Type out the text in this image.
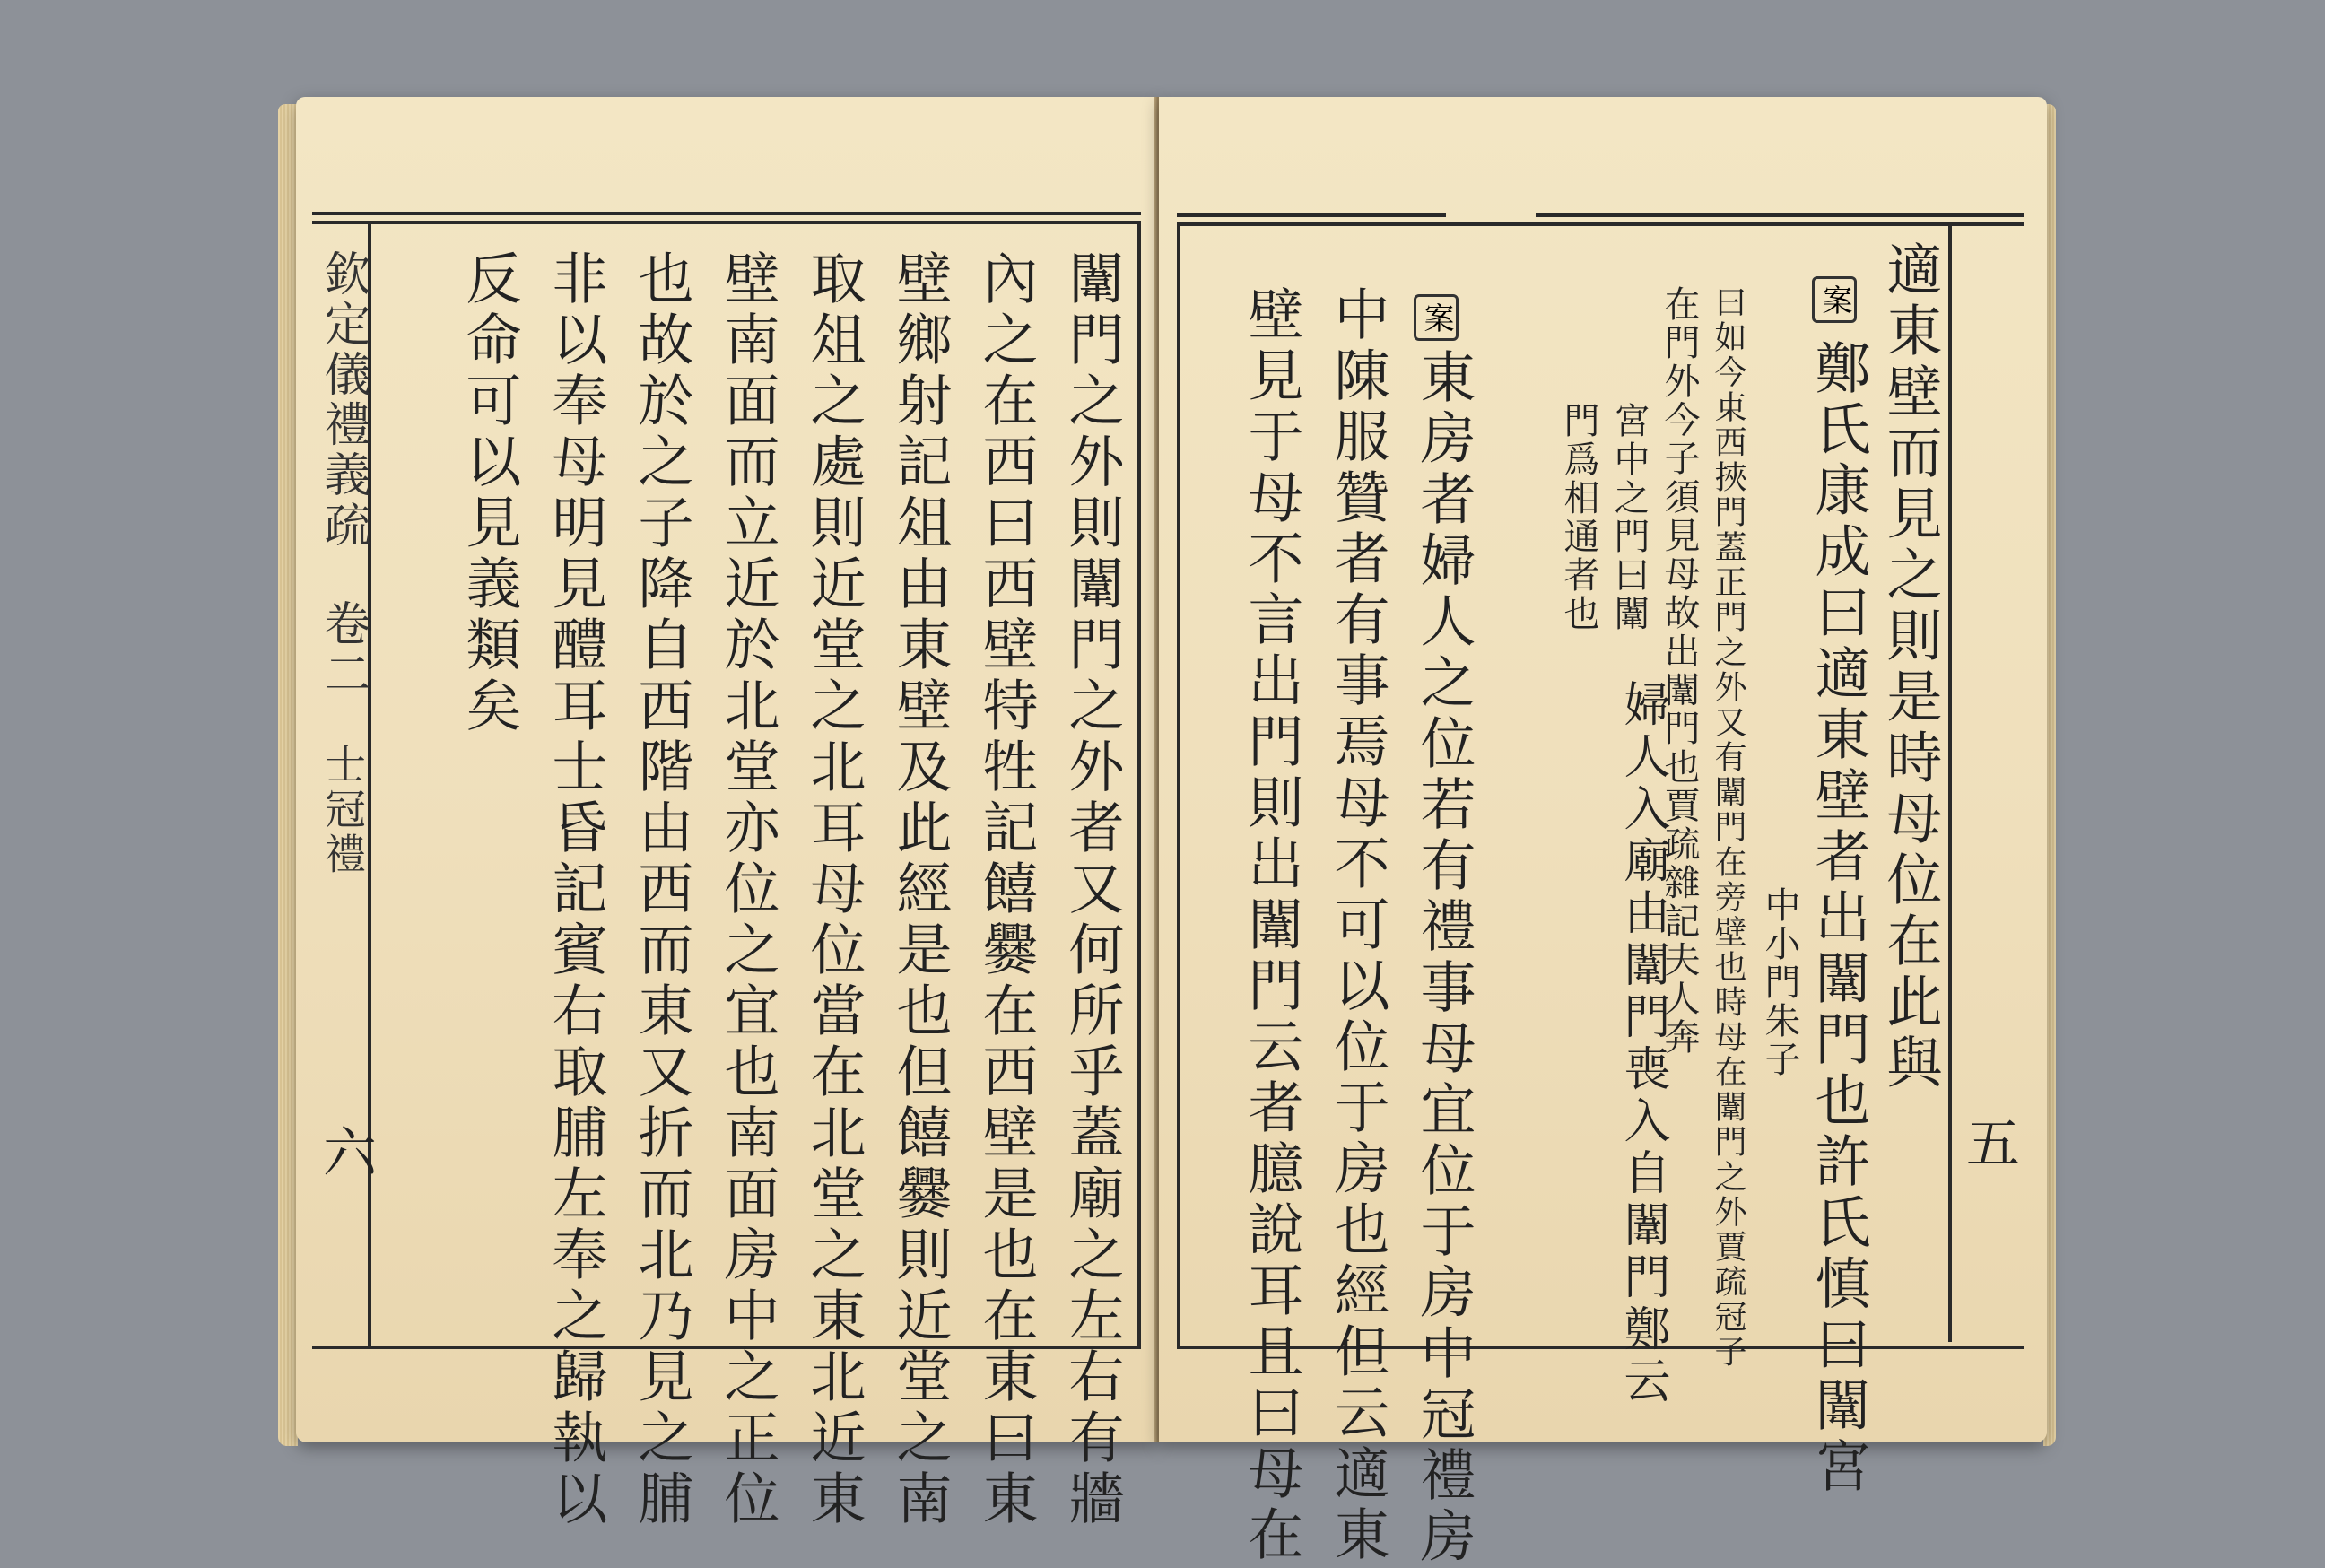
欽定儀禮義疏
卷二
士冠禮
六	闈門之外則闈門之外者又何所乎蓋廟之左右有牆
內之在西曰西壁特牲記饎爨在西壁是也在東曰東
壁鄉射記俎由東壁及此經是也但饎爨則近堂之南
取俎之處則近堂之北耳母位當在北堂之東北近東
壁南面而立近於北堂亦位之宜也南面房中之正位
也故於之子降自西階由西而東又折而北乃見之脯
非以奉母明見醴耳士昏記賓右取脯左奉之歸執以
反命可以見義類矣
五
適東壁而見之則是時母位在此與
案
鄭氏康成曰適東壁者出闈門也許氏慎曰闈宮
中小門朱子
曰如今東西挾門蓋正門之外又有闈門在旁壁也時母在闈門之外賈疏冠子
在門外今子須見母故出闈門也賈疏雜記夫人奔
宮中之門曰闈
門爲相通者也
婦人入廟由闈門喪入自闈門鄭云
案
東房者婦人之位若有禮事母宜位于房中冠禮房
中陳服贊者有事焉母不可以位于房也經但云適東
壁見于母不言出門則出闈門云者臆說耳且曰母在
